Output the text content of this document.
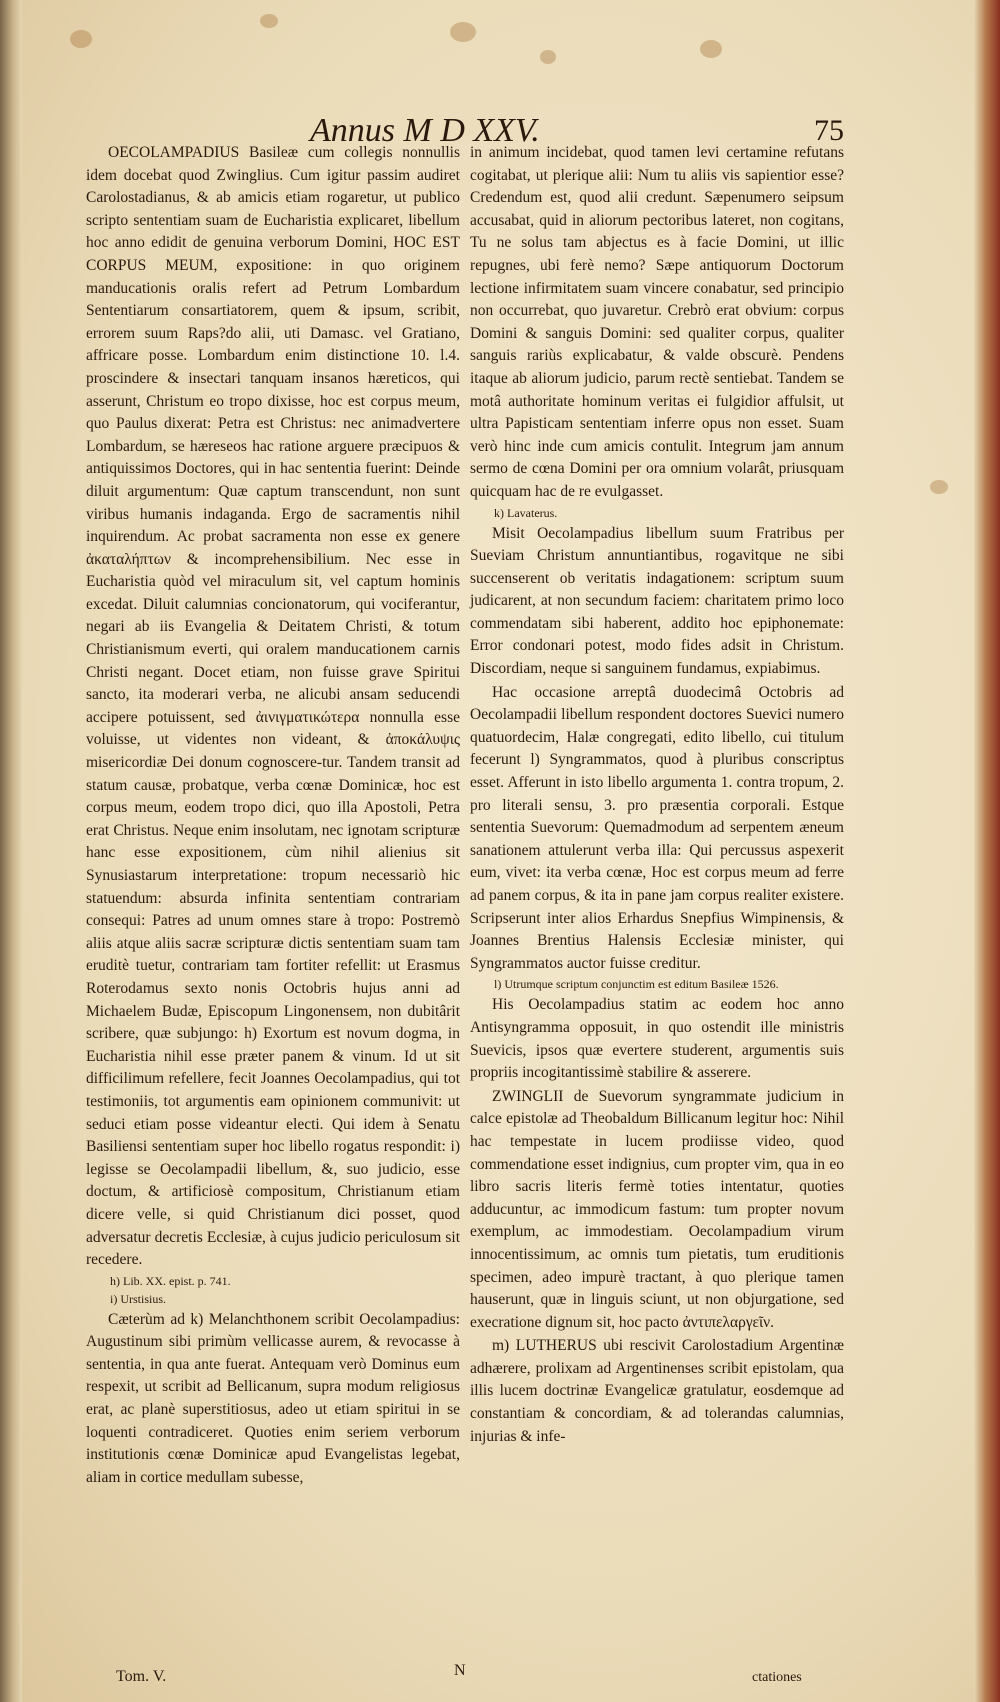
Annus M D XXV.	75

OECOLAMPADIUS Basileæ cum collegis nonnullis idem docebat quod Zwinglius. Cum igitur passim audiret Carolostadianus, & ab amicis etiam rogaretur, ut publico scripto sententiam suam de Eucharistia explicaret, libellum hoc anno edidit de genuina verborum Domini, HOC EST CORPUS MEUM, expositione: in quo originem manducationis oralis refert ad Petrum Lombardum Sententiarum consartiatorem, quem & ipsum, scribit, errorem suum Raps?do alii, uti Damasc. vel Gratiano, affricare posse. Lombardum enim distinctione 10. l.4. proscindere & insectari tanquam insanos hæreticos, qui asserunt, Christum eo tropo dixisse, hoc est corpus meum, quo Paulus dixerat: Petra est Christus: nec animadvertere Lombardum, se hæreseos hac ratione arguere præcipuos & antiquissimos Doctores, qui in hac sententia fuerint: Deinde diluit argumentum: Quæ captum transcendunt, non sunt viribus humanis indaganda. Ergo de sacramentis nihil inquirendum. Ac probat sacramenta non esse ex genere ἀκαταλήπτων & incomprehensibilium. Nec esse in Eucharistia quòd vel miraculum sit, vel captum hominis excedat. Diluit calumnias concionatorum, qui vociferantur, negari ab iis Evangelia & Deitatem Christi, & totum Christianismum everti, qui oralem manducationem carnis Christi negant. Docet etiam, non fuisse grave Spiritui sancto, ita moderari verba, ne alicubi ansam seducendi accipere potuissent, sed ἀινιγματικώτερα nonnulla esse voluisse, ut videntes non videant, & ἀποκάλυψις misericordiæ Dei donum cognoscere-tur. Tandem transit ad statum causæ, probatque, verba cœnæ Dominicæ, hoc est corpus meum, eodem tropo dici, quo illa Apostoli, Petra erat Christus. Neque enim insolutam, nec ignotam scripturæ hanc esse expositionem, cùm nihil alienius sit Synusiastarum interpretatione: tropum necessariò hic statuendum: absurda infinita sententiam contrariam consequi: Patres ad unum omnes stare à tropo: Postremò aliis atque aliis sacræ scripturæ dictis sententiam suam tam eruditè tuetur, contrariam tam fortiter refellit: ut Erasmus Roterodamus sexto nonis Octobris hujus anni ad Michaelem Budæ, Episcopum Lingonensem, non dubitârit scribere, quæ subjungo: h) Exortum est novum dogma, in Eucharistia nihil esse præter panem & vinum. Id ut sit difficilimum refellere, fecit Joannes Oecolampadius, qui tot testimoniis, tot argumentis eam opinionem communivit: ut seduci etiam posse videantur electi. Qui idem à Senatu Basiliensi sententiam super hoc libello rogatus respondit: i) legisse se Oecolampadii libellum, &, suo judicio, esse doctum, & artificiosè compositum, Christianum etiam dicere velle, si quid Christianum dici posset, quod adversatur decretis Ecclesiæ, à cujus judicio periculosum sit recedere.

h) Lib. XX. epist. p. 741.

i) Urstisius.

Cæterùm ad k) Melanchthonem scribit Oecolampadius: Augustinum sibi primùm vellicasse aurem, & revocasse à sententia, in qua ante fuerat. Antequam verò Dominus eum respexit, ut scribit ad Bellicanum, supra modum religiosus erat, ac planè superstitiosus, adeo ut etiam spiritui in se loquenti contradiceret. Quoties enim seriem verborum institutionis cœnæ Dominicæ apud Evangelistas legebat, aliam in cortice medullam subesse,

in animum incidebat, quod tamen levi certamine refutans cogitabat, ut plerique alii: Num tu aliis vis sapientior esse? Credendum est, quod alii credunt. Sæpenumero seipsum accusabat, quid in aliorum pectoribus lateret, non cogitans, Tu ne solus tam abjectus es à facie Domini, ut illic repugnes, ubi ferè nemo? Sæpe antiquorum Doctorum lectione infirmitatem suam vincere conabatur, sed principio non occurrebat, quo juvaretur. Crebrò erat obvium: corpus Domini & sanguis Domini: sed qualiter corpus, qualiter sanguis rariùs explicabatur, & valde obscurè. Pendens itaque ab aliorum judicio, parum rectè sentiebat. Tandem se motâ authoritate hominum veritas ei fulgidior affulsit, ut ultra Papisticam sententiam inferre opus non esset. Suam verò hinc inde cum amicis contulit. Integrum jam annum sermo de cœna Domini per ora omnium volarât, priusquam quicquam hac de re evulgasset.

k) Lavaterus.

Misit Oecolampadius libellum suum Fratribus per Sueviam Christum annuntiantibus, rogavitque ne sibi succenserent ob veritatis indagationem: scriptum suum judicarent, at non secundum faciem: charitatem primo loco commendatam sibi haberent, addito hoc epiphonemate: Error condonari potest, modo fides adsit in Christum. Discordiam, neque si sanguinem fundamus, expiabimus.

Hac occasione arreptâ duodecimâ Octobris ad Oecolampadii libellum respondent doctores Suevici numero quatuordecim, Halæ congregati, edito libello, cui titulum fecerunt l) Syngrammatos, quod à pluribus conscriptus esset. Afferunt in isto libello argumenta 1. contra tropum, 2. pro literali sensu, 3. pro præsentia corporali. Estque sententia Suevorum: Quemadmodum ad serpentem æneum sanationem attulerunt verba illa: Qui percussus aspexerit eum, vivet: ita verba cœnæ, Hoc est corpus meum ad ferre ad panem corpus, & ita in pane jam corpus realiter existere. Scripserunt inter alios Erhardus Snepfius Wimpinensis, & Joannes Brentius Halensis Ecclesiæ minister, qui Syngrammatos auctor fuisse creditur.

l) Utrumque scriptum conjunctim est editum Basileæ 1526.

His Oecolampadius statim ac eodem hoc anno Antisyngramma opposuit, in quo ostendit ille ministris Suevicis, ipsos quæ evertere studerent, argumentis suis propriis incogitantissimè stabilire & asserere.

ZWINGLII de Suevorum syngrammate judicium in calce epistolæ ad Theobaldum Billicanum legitur hoc: Nihil hac tempestate in lucem prodiisse video, quod commendatione esset indignius, cum propter vim, qua in eo libro sacris literis fermè toties intentatur, quoties adducuntur, ac immodicum fastum: tum propter novum exemplum, ac immodestiam. Oecolampadium virum innocentissimum, ac omnis tum pietatis, tum eruditionis specimen, adeo impurè tractant, à quo plerique tamen hauserunt, quæ in linguis sciunt, ut non objurgatione, sed execratione dignum sit, hoc pacto ἀντιπελαργεῖν.

m) LUTHERUS ubi rescivit Carolostadium Argentinæ adhærere, prolixam ad Argentinenses scribit epistolam, qua illis lucem doctrinæ Evangelicæ gratulatur, eosdemque ad constantiam & concordiam, & ad tolerandas calumnias, injurias & infe-

Tom. V.	N	ctationes
